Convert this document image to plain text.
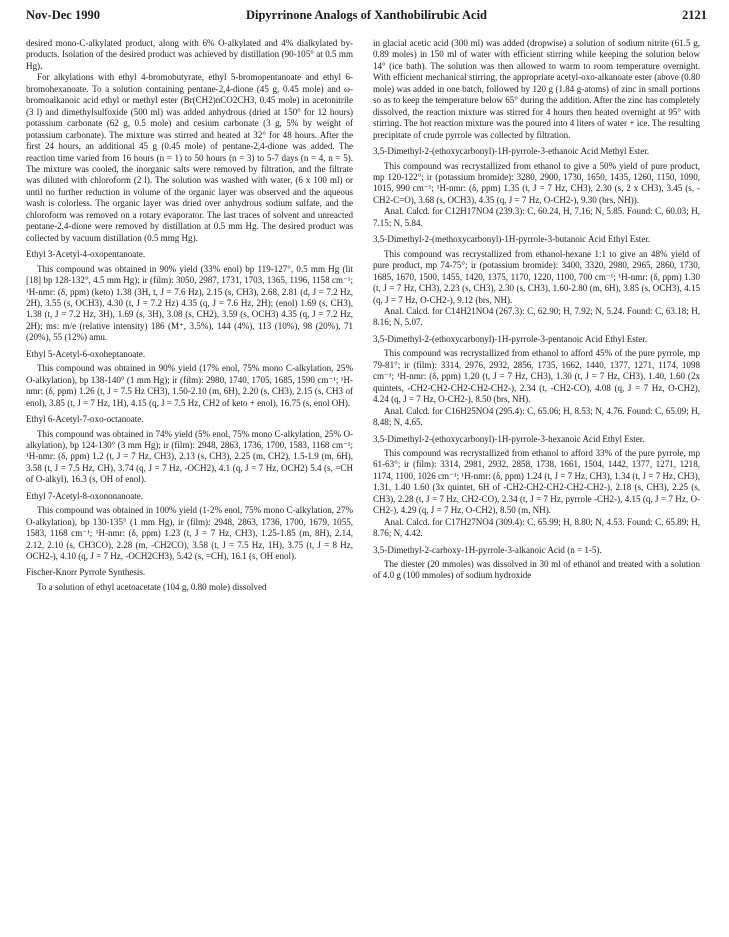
Nov-Dec 1990	Dipyrrinone Analogs of Xanthobilirubic Acid	2121

desired mono-C-alkylated product, along with 6% O-alkylated and 4% dialkylated by-products. Isolation of the desired product was achieved by distillation (90-105° at 0.5 mm Hg).

For alkylations with ethyl 4-bromobutyrate, ethyl 5-bromopentanoate and ethyl 6-bromohexanoate. To a solution containing pentane-2,4-dione (45 g, 0.45 mole) and ω-bromoalkanoic acid ethyl or methyl ester (Br(CH2)nCO2CH3, 0.45 mole) in acetonitrile (3 l) and dimethylsulfoxide (500 ml) was added anhydrous (dried at 150° for 12 hours) potassium carbonate (62 g, 0.5 mole) and cesium carbonate (3 g, 5% by weight of potassium carbonate). The mixture was stirred and heated at 32° for 48 hours. After the first 24 hours, an additional 45 g (0.45 mole) of pentane-2,4-dione was added. The reaction time varied from 16 hours (n = 1) to 50 hours (n = 3) to 5-7 days (n = 4, n = 5). The mixture was cooled, the inorganic salts were removed by filtration, and the filtrate was diluted with chloroform (2 l). The solution was washed with water, (6 x 100 ml) or until no further reduction in volume of the organic layer was observed and the aqueous wash is colorless. The organic layer was dried over anhydrous sodium sulfate, and the chloroform was removed on a rotary evaporator. The last traces of solvent and unreacted pentane-2,4-dione were removed by distillation at 0.5 mm Hg. The desired product was collected by vacuum distillation (0.5 mmg Hg).

Ethyl 3-Acetyl-4-oxopentanoate.

This compound was obtained in 90% yield (33% enol) bp 119-127°, 0.5 mm Hg (lit [18] bp 128-132°, 4.5 mm Hg); ir (film): 3050, 2987, 1731, 1703, 1365, 1196, 1158 cm⁻¹; ¹H-nmr: (δ, ppm) (keto) 1.38 (3H, t, J = 7.6 Hz), 2.15 (s, CH3), 2.68, 2.81 (d, J = 7.2 Hz, 2H), 3.55 (s, OCH3), 4.30 (t, J = 7.2 Hz) 4.35 (q, J = 7.6 Hz, 2H); (enol) 1.69 (s, CH3), 1.38 (t, J = 7.2 Hz, 3H), 1.69 (s, 3H), 3.08 (s, CH2), 3.59 (s, OCH3) 4.35 (q, J = 7.2 Hz, 2H); ms: m/e (relative intensity) 186 (M⁺, 3.5%), 144 (4%), 113 (10%), 98 (20%), 71 (20%), 55 (12%) amu.

Ethyl 5-Acetyl-6-oxoheptanoate.

This compound was obtained in 90% yield (17% enol, 75% mono C-alkylation, 25% O-alkylation), bp 138-140° (1 mm Hg); ir (film): 2980, 1740, 1705, 1685, 1590 cm⁻¹; ¹H-nmr: (δ, ppm) 1.26 (t, J = 7.5 Hz CH3), 1.50-2.10 (m, 6H), 2.20 (s, CH3), 2.15 (s, CH3 of enol), 3.85 (t, J = 7 Hz, 1H), 4.15 (q, J = 7.5 Hz, CH2 of keto + enol), 16.75 (s, enol OH).

Ethyl 6-Acetyl-7-oxo-octanoate.

This compound was obtained in 74% yield (5% enol, 75% mono C-alkylation, 25% O-alkylation), bp 124-130° (3 mm Hg); ir (film): 2948, 2863, 1736, 1700, 1583, 1168 cm⁻¹; ¹H-nmr: (δ, ppm) 1.2 (t, J = 7 Hz, CH3), 2.13 (s, CH3), 2.25 (m, CH2), 1.5-1.9 (m, 6H), 3.58 (t, J = 7.5 Hz, CH), 3.74 (q, J = 7 Hz, -OCH2), 4.1 (q, J = 7 Hz, OCH2) 5.4 (s, =CH of O-alkyl), 16.3 (s, OH of enol).

Ethyl 7-Acetyl-8-oxononanoate.

This compound was obtained in 100% yield (1-2% enol, 75% mono C-alkylation, 27% O-alkylation), bp 130-135° (1 mm Hg), ir (film): 2948, 2863, 1736, 1700, 1679, 1055, 1583, 1168 cm⁻¹; ¹H-nmr: (δ, ppm) 1.23 (t, J = 7 Hz, CH3), 1.25-1.85 (m, 8H), 2.14, 2.12, 2.10 (s, CH3CO), 2.28 (m, -CH2CO), 3.58 (t, J = 7.5 Hz, 1H), 3.75 (t, J = 8 Hz, OCH2-), 4.10 (q, J = 7 Hz, -OCH2CH3), 5.42 (s, =CH), 16.1 (s, OH enol).

Fischer-Knorr Pyrrole Synthesis.

To a solution of ethyl acetoacetate (104 g, 0.80 mole) dissolved

in glacial acetic acid (300 ml) was added (dropwise) a solution of sodium nitrite (61.5 g, 0.89 moles) in 150 ml of water with efficient stirring while keeping the solution below 14° (ice bath). The solution was then allowed to warm to room temperature overnight. With efficient mechanical stirring, the appropriate acetyl-oxo-alkanoate ester (above (0.80 mole) was added in one batch, followed by 120 g (1.84 g-atoms) of zinc in small portions so as to keep the temperature below 65° during the addition. After the zinc has completely dissolved, the reaction mixture was stirred for 4 hours then heated overnight at 95° with stirring. The hot reaction mixture was the poured into 4 liters of water + ice. The resulting precipitate of crude pyrrole was collected by filtration.

3,5-Dimethyl-2-(ethoxycarbonyl)-1H-pyrrole-3-ethanoic Acid Methyl Ester.

This compound was recrystallized from ethanol to give a 50% yield of pure product, mp 120-122°; ir (potassium bromide): 3280, 2900, 1730, 1650, 1435, 1260, 1150, 1090, 1015, 990 cm⁻¹; ¹H-nmr: (δ, ppm) 1.35 (t, J = 7 Hz, CH3), 2.30 (s, 2 x CH3), 3.45 (s, -CH2-C=O), 3.68 (s, OCH3), 4.35 (q, J = 7 Hz, O-CH2-), 9.30 (brs, NH)).

Anal. Calcd. for C12H17NO4 (239.3): C, 60.24, H, 7.16; N, 5.85. Found: C, 60.03; H, 7.15; N, 5.84.

3,5-Dimethyl-2-(methoxycarbonyl)-1H-pyrrole-3-butanoic Acid Ethyl Ester.

This compound was recrystallized from ethanol-hexane 1:1 to give an 48% yield of pure product, mp 74-75°; ir (potassium bromide): 3400, 3320, 2980, 2965, 2860, 1730, 1685, 1670, 1500, 1455, 1420, 1375, 1170, 1220, 1100, 700 cm⁻¹; ¹H-nmr: (δ, ppm) 1.30 (t, J = 7 Hz, CH3), 2.23 (s, CH3), 2.30 (s, CH3), 1.60-2.80 (m, 6H), 3.85 (s, OCH3), 4.15 (q, J = 7 Hz, O-CH2-), 9.12 (brs, NH).

Anal. Calcd. for C14H21NO4 (267.3): C, 62.90; H, 7.92; N, 5.24. Found: C, 63.18; H, 8.16; N, 5.07.

3,5-Dimethyl-2-(ethoxycarbonyl)-1H-pyrrole-3-pentanoic Acid Ethyl Ester.

This compound was recrystallized from ethanol to afford 45% of the pure pyrrole, mp 79-81°; ir (film): 3314, 2976, 2932, 2856, 1735, 1662, 1440, 1377, 1271, 1174, 1098 cm⁻¹; ¹H-nmr: (δ, ppm) 1.20 (t, J = 7 Hz, CH3), 1.30 (t, J = 7 Hz, CH3), 1.40, 1.60 (2x quintets, -CH2-CH2-CH2-CH2-CH2-), 2.34 (t, -CH2-CO), 4.08 (q, J = 7 Hz, O-CH2), 4.24 (q, J = 7 Hz, O-CH2-), 8.50 (brs, NH).

Anal. Calcd. for C16H25NO4 (295.4): C, 65.06; H, 8.53; N, 4.76. Found: C, 65.09; H, 8.48; N, 4.65.

3,5-Dimethyl-2-(ethoxycarbonyl)-1H-pyrrole-3-hexanoic Acid Ethyl Ester.

This compound was recrystallized from ethanol to afford 33% of the pure pyrrole, mp 61-63°; ir (film): 3314, 2981, 2932, 2858, 1738, 1661, 1504, 1442, 1377, 1271, 1218, 1174, 1100, 1026 cm⁻¹; ¹H-nmr: (δ, ppm) 1.24 (t, J = 7 Hz, CH3), 1.34 (t, J = 7 Hz, CH3), 1.31, 1.40 1.60 (3x quintet, 6H of -CH2-CH2-CH2-CH2-CH2-), 2.18 (s, CH3), 2.25 (s, CH3), 2.28 (t, J = 7 Hz, CH2-CO), 2.34 (t, J = 7 Hz, pyrrole -CH2-), 4.15 (q, J = 7 Hz, O-CH2-), 4.29 (q, J = 7 Hz, O-CH2), 8.50 (m, NH).

Anal. Calcd. for C17H27NO4 (309.4): C, 65.99; H, 8.80; N, 4.53. Found: C, 65.89; H, 8.76; N, 4.42.

3,5-Dimethyl-2-carboxy-1H-pyrrole-3-alkanoic Acid (n = 1-5).

The diester (20 mmoles) was dissolved in 30 ml of ethanol and treated with a solution of 4.0 g (100 mmoles) of sodium hydroxide
